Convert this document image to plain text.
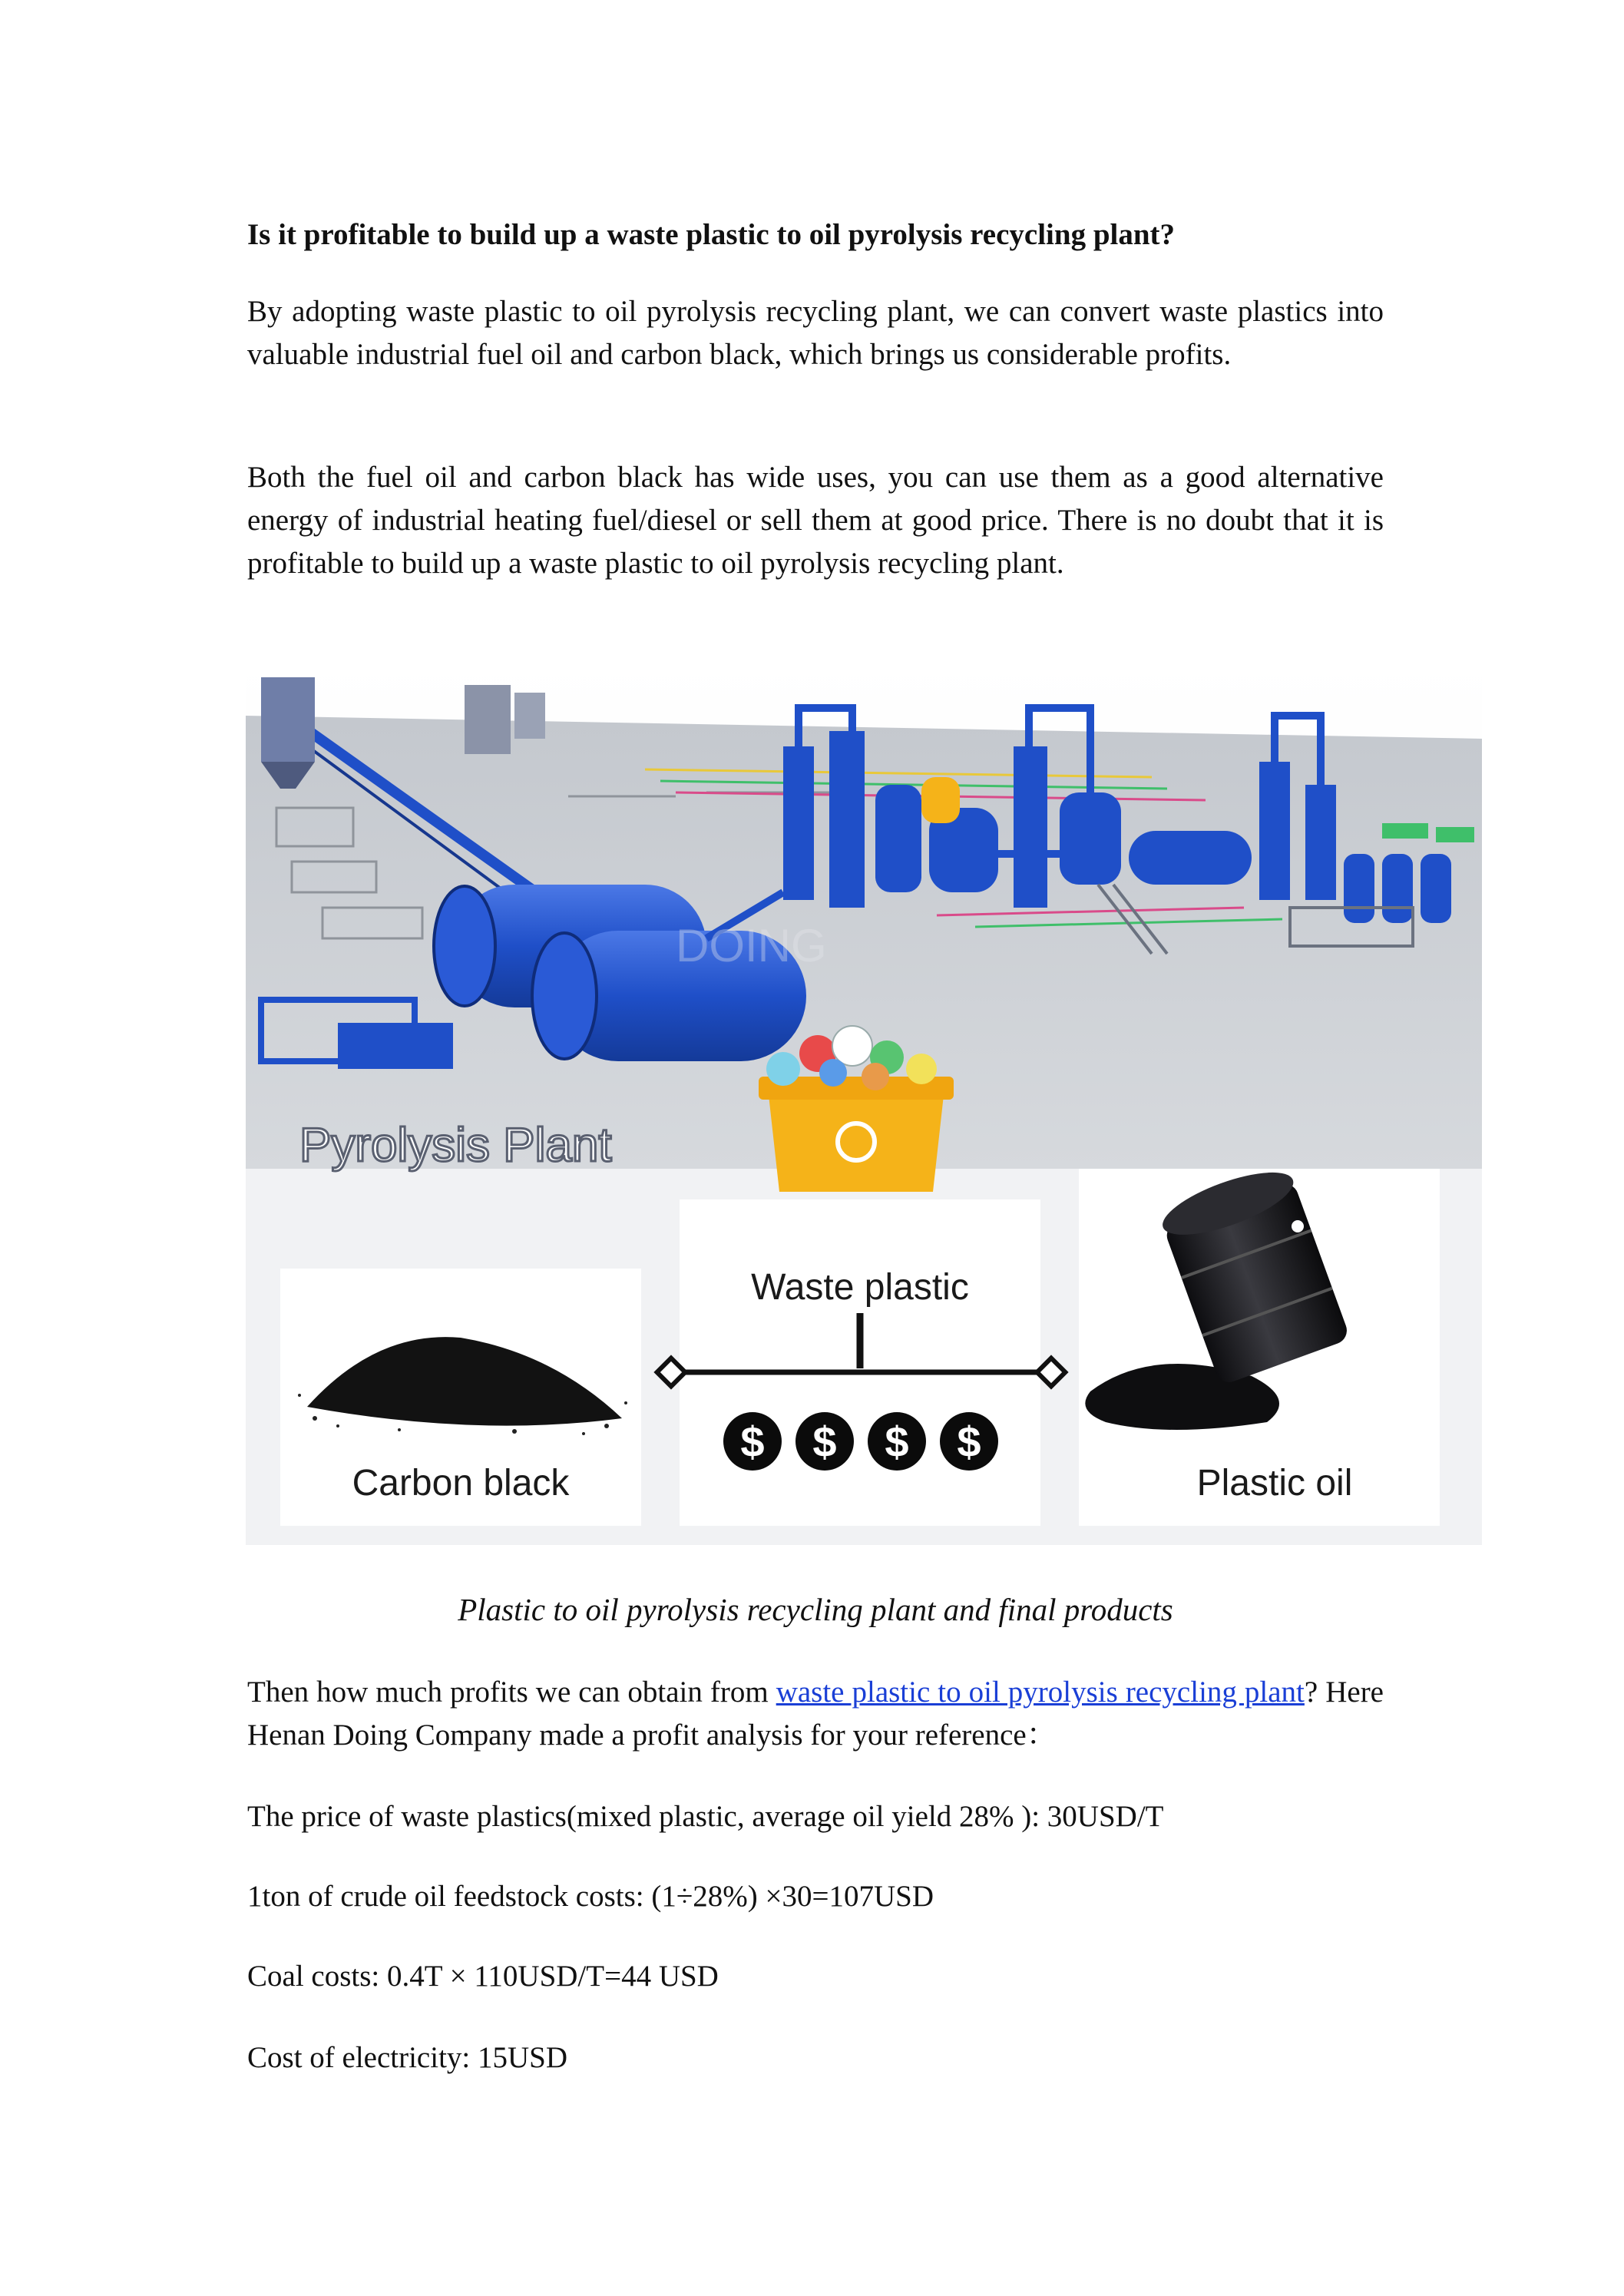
Is it profitable to build up a waste plastic to oil pyrolysis recycling plant?
By adopting waste plastic to oil pyrolysis recycling plant, we can convert waste plastics into valuable industrial fuel oil and carbon black, which brings us considerable profits.
Both the fuel oil and carbon black has wide uses, you can use them as a good alternative energy of industrial heating fuel/diesel or sell them at good price. There is no doubt that it is profitable to build up a waste plastic to oil pyrolysis recycling plant.
DOING
Pyrolysis Plant
Waste plastic
$ $ $ $
Carbon black	Plastic oil
Plastic to oil pyrolysis recycling plant and final products
Then how much profits we can obtain from waste plastic to oil pyrolysis recycling plant? Here Henan Doing Company made a profit analysis for your reference：
The price of waste plastics(mixed plastic, average oil yield 28% ): 30USD/T
1ton of crude oil feedstock costs: (1÷28%) ×30=107USD
Coal costs: 0.4T × 110USD/T=44 USD
Cost of electricity: 15USD
